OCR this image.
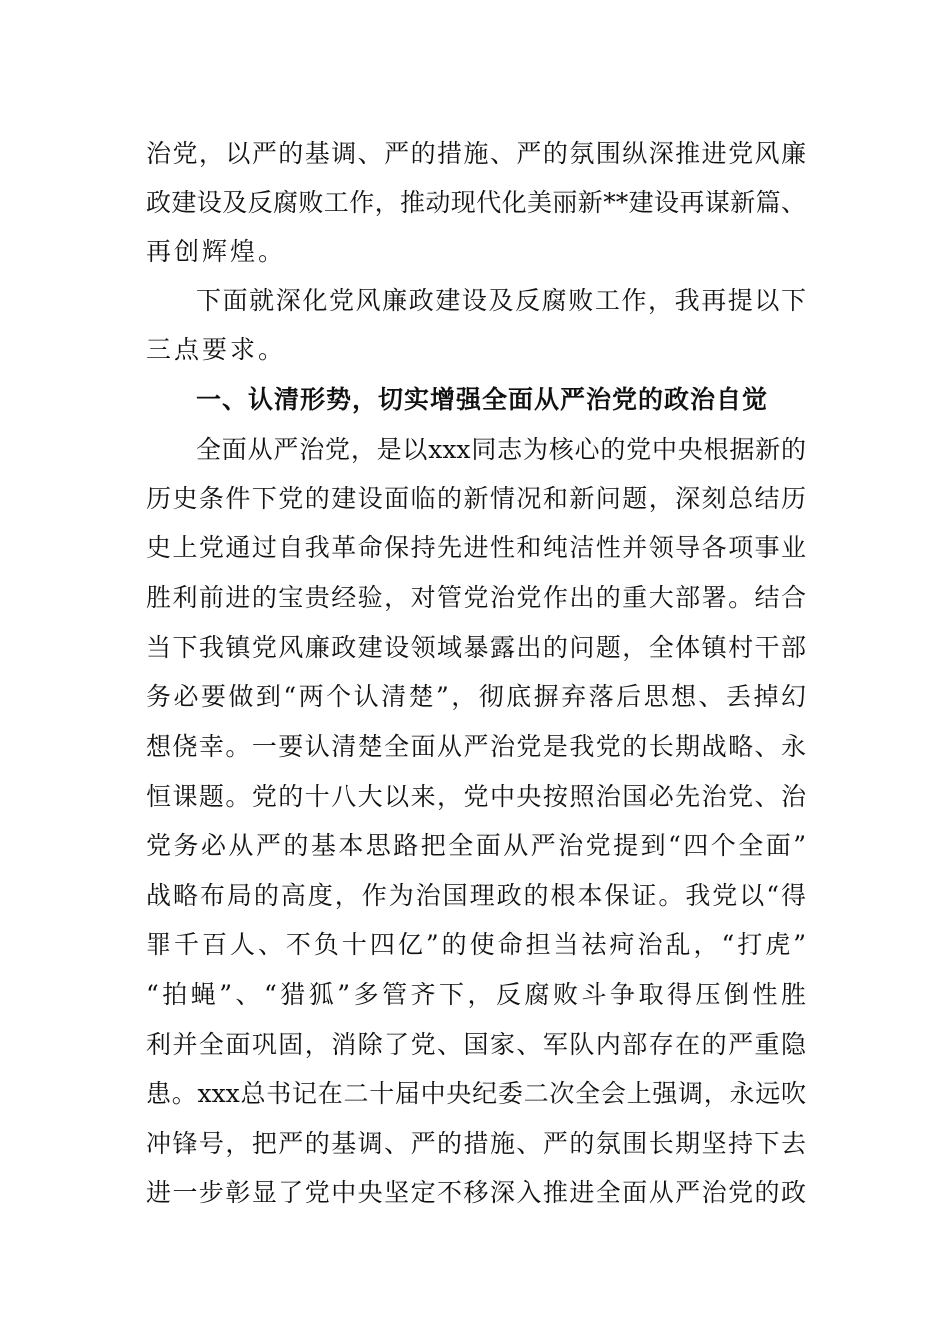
治党，以严的基调、严的措施、严的氛围纵深推进党风廉
政建设及反腐败工作，推动现代化美丽新**建设再谋新篇、
再创辉煌。
下面就深化党风廉政建设及反腐败工作，我再提以下
三点要求。
一、认清形势，切实增强全面从严治党的政治自觉
全面从严治党，是以xxx同志为核心的党中央根据新的
历史条件下党的建设面临的新情况和新问题，深刻总结历
史上党通过自我革命保持先进性和纯洁性并领导各项事业
胜利前进的宝贵经验，对管党治党作出的重大部署。结合
当下我镇党风廉政建设领域暴露出的问题，全体镇村干部
务必要做到“两个认清楚”，彻底摒弃落后思想、丢掉幻
想侥幸。一要认清楚全面从严治党是我党的长期战略、永
恒课题。党的十八大以来，党中央按照治国必先治党、治
党务必从严的基本思路把全面从严治党提到“四个全面”
战略布局的高度，作为治国理政的根本保证。我党以“得
罪千百人、不负十四亿”的使命担当祛疴治乱，“打虎”
“拍蝇”、“猎狐”多管齐下，反腐败斗争取得压倒性胜
利并全面巩固，消除了党、国家、军队内部存在的严重隐
患。xxx总书记在二十届中央纪委二次全会上强调，永远吹
冲锋号，把严的基调、严的措施、严的氛围长期坚持下去
进一步彰显了党中央坚定不移深入推进全面从严治党的政
